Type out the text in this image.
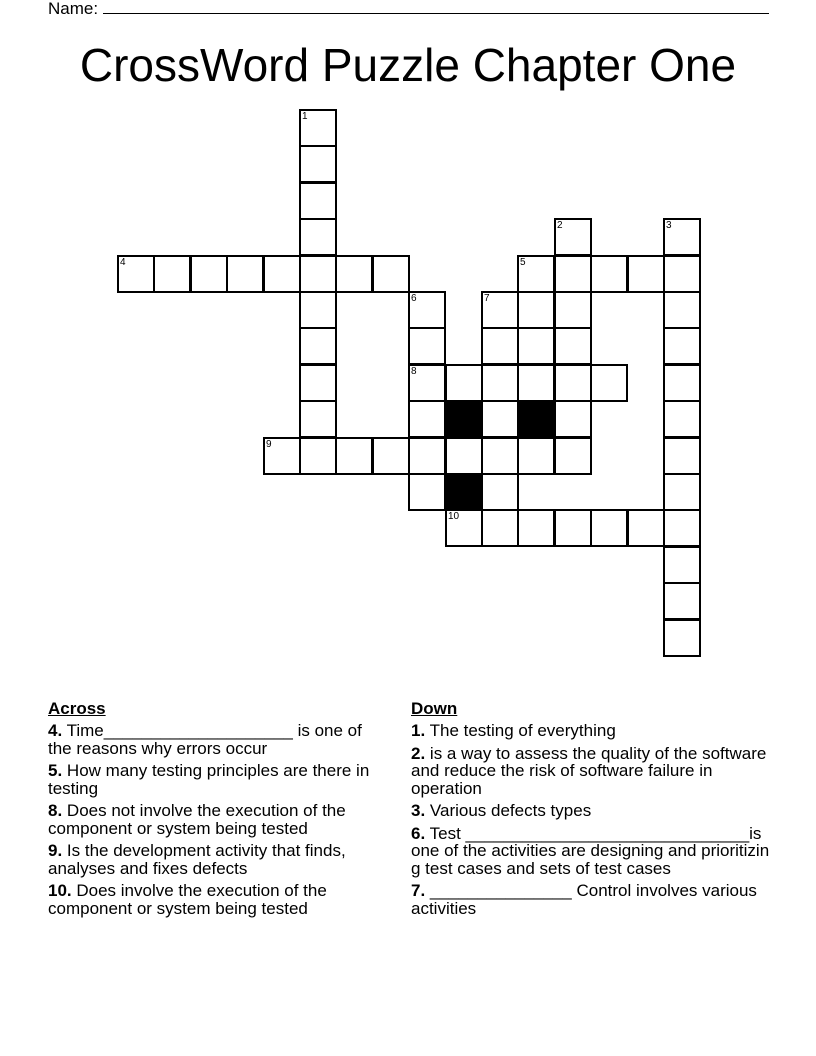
Name:
CrossWord Puzzle Chapter One
1
2	3
4	5
6	7
8
9
10
Across
4. Time____________________ is one of the reasons why errors occur
5. How many testing principles are there in testing
8. Does not involve the execution of the component or system being tested
9. Is the development activity that finds, analyses and fixes defects
10. Does involve the execution of the component or system being tested
Down
1. The testing of everything
2. is a way to assess the quality of the software and reduce the risk of software failure in operation
3. Various defects types
6. Test ______________________________is one of the activities are designing and prioritizing test cases and sets of test cases
7. _______________ Control involves various activities
